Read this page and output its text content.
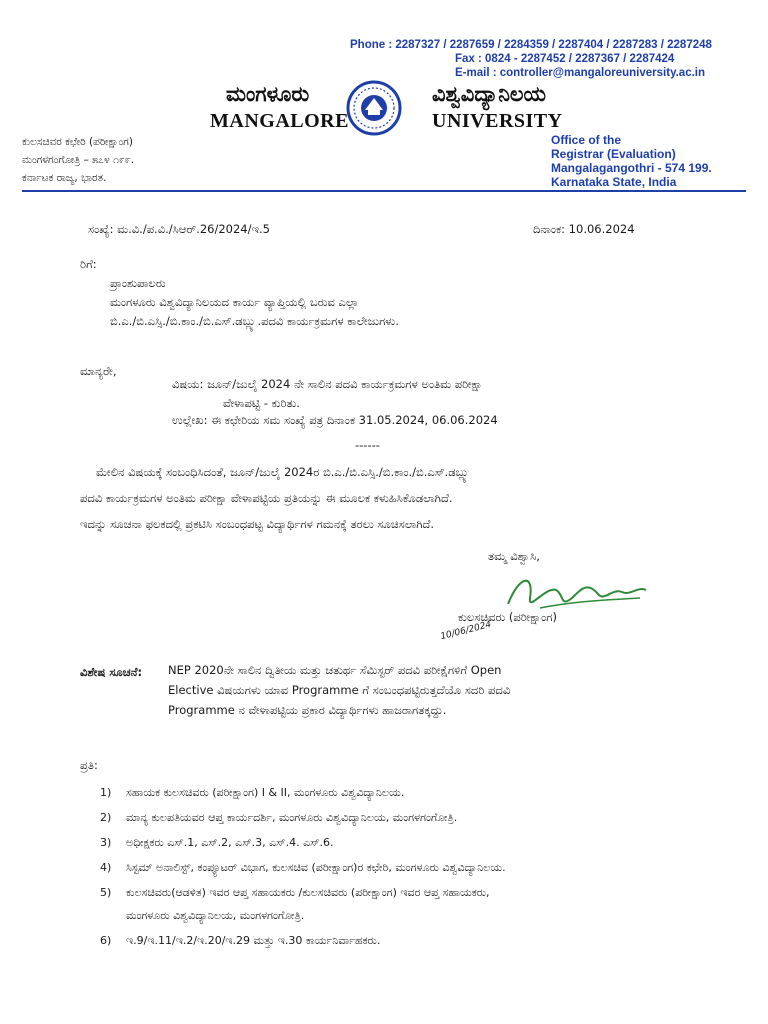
Phone : 2287327 / 2287659 / 2284359 / 2287404 / 2287283 / 2287248
Fax : 0824 - 2287452 / 2287367 / 2287424
E-mail : controller@mangaloreuniversity.ac.in
ಮಂಗಳೂರು	ವಿಶ್ವವಿದ್ಯಾನಿಲಯ
MANGALORE	UNIVERSITY
ಕುಲಸಚಿವರ ಕಛೇರಿ (ಪರೀಕ್ಷಾಂಗ)
ಮಂಗಳಗಂಗೋತ್ರಿ – ೫೭೪ ೧೯೯.
ಕರ್ನಾಟಕ ರಾಜ್ಯ, ಭಾರತ.
Office of the
Registrar (Evaluation)
Mangalagangothri - 574 199.
Karnataka State, India
ಸಂಖ್ಯೆ: ಮ.ವಿ./ಪ.ವಿ./ಸಿಆರ್.26/2024/ಇ.5	ದಿನಾಂಕ: 10.06.2024
ರಿಗೆ:
ಪ್ರಾಂಶುಪಾಲರು
ಮಂಗಳೂರು ವಿಶ್ವವಿದ್ಯಾನಿಲಯದ ಕಾರ್ಯ ವ್ಯಾಪ್ತಿಯಲ್ಲಿ ಬರುವ ಎಲ್ಲಾ
ಬಿ.ಎ./ಬಿ.ಎಸ್ಸಿ./ಬಿ.ಕಾಂ./ಬಿ.ಎಸ್.ಡಬ್ಲ್ಯು.ಪದವಿ ಕಾರ್ಯಕ್ರಮಗಳ ಕಾಲೇಜುಗಳು.
ಮಾನ್ಯರೇ,
ವಿಷಯ: ಜೂನ್/ಜುಲೈ 2024 ನೇ ಸಾಲಿನ ಪದವಿ ಕಾರ್ಯಕ್ರಮಗಳ ಅಂತಿಮ ಪರೀಕ್ಷಾ
ವೇಳಾಪಟ್ಟಿ - ಕುರಿತು.
ಉಲ್ಲೇಖ: ಈ ಕಛೇರಿಯ ಸಮ ಸಂಖ್ಯೆ ಪತ್ರ ದಿನಾಂಕ 31.05.2024, 06.06.2024
------
ಮೇಲಿನ ವಿಷಯಕ್ಕೆ ಸಂಬಂಧಿಸಿದಂತೆ, ಜೂನ್/ಜುಲೈ 2024ರ ಬಿ.ಎ./ಬಿ.ಎಸ್ಸಿ./ಬಿ.ಕಾಂ./ಬಿ.ಎಸ್.ಡಬ್ಲ್ಯು
ಪದವಿ ಕಾರ್ಯಕ್ರಮಗಳ ಅಂತಿಮ ಪರೀಕ್ಷಾ ವೇಳಾಪಟ್ಟಿಯ ಪ್ರತಿಯನ್ನು ಈ ಮೂಲಕ ಕಳುಹಿಸಿಕೊಡಲಾಗಿದೆ.
ಇದನ್ನು ಸೂಚನಾ ಫಲಕದಲ್ಲಿ ಪ್ರಕಟಿಸಿ ಸಂಬಂಧಪಟ್ಟ ವಿದ್ಯಾರ್ಥಿಗಳ ಗಮನಕ್ಕೆ ತರಲು ಸೂಚಿಸಲಾಗಿದೆ.
ತಮ್ಮ ವಿಶ್ವಾಸಿ,
ಕುಲಸಚಿವರು (ಪರೀಕ್ಷಾಂಗ)
10/06/2024
ವಿಶೇಷ ಸೂಚನೆ: NEP 2020ನೇ ಸಾಲಿನ ದ್ವಿತೀಯ ಮತ್ತು ಚತುರ್ಥ ಸೆಮಿಸ್ಟರ್ ಪದವಿ ಪರೀಕ್ಷೆಗಳಿಗೆ Open
Elective ವಿಷಯಗಳು ಯಾವ Programme ಗೆ ಸಂಬಂಧಪಟ್ಟಿರುತ್ತದೆಯೊ ಸದರಿ ಪದವಿ
Programme ನ ವೇಳಾಪಟ್ಟಿಯ ಪ್ರಕಾರ ವಿದ್ಯಾರ್ಥಿಗಳು ಹಾಜರಾಗತಕ್ಕದ್ದು.
ಪ್ರತಿ:
1) ಸಹಾಯಕ ಕುಲಸಚಿವರು (ಪರೀಕ್ಷಾಂಗ) I & II, ಮಂಗಳೂರು ವಿಶ್ವವಿದ್ಯಾನಿಲಯ.
2) ಮಾನ್ಯ ಕುಲಪತಿಯವರ ಆಪ್ತ ಕಾರ್ಯದರ್ಶಿ, ಮಂಗಳೂರು ವಿಶ್ವವಿದ್ಯಾನಿಲಯ, ಮಂಗಳಗಂಗೋತ್ರಿ.
3) ಅಧೀಕ್ಷಕರು ಎಸ್.1, ಎಸ್.2, ಎಸ್.3, ಎಸ್.4. ಎಸ್.6.
4) ಸಿಸ್ಟಮ್ ಅನಾಲಿಸ್ಟ್, ಕಂಪ್ಯೂಟರ್ ವಿಭಾಗ, ಕುಲಸಚಿವ (ಪರೀಕ್ಷಾಂಗ)ರ ಕಛೇರಿ, ಮಂಗಳೂರು ವಿಶ್ವವಿದ್ಯಾನಿಲಯ.
5) ಕುಲಸಚಿವರು(ಆಡಳಿತ) ಇವರ ಆಪ್ತ ಸಹಾಯಕರು /ಕುಲಸಚಿವರು (ಪರೀಕ್ಷಾಂಗ) ಇವರ ಆಪ್ತ ಸಹಾಯಕರು,
ಮಂಗಳೂರು ವಿಶ್ವವಿದ್ಯಾನಿಲಯ, ಮಂಗಳಗಂಗೋತ್ರಿ.
6) ಇ.9/ಇ.11/ಇ.2/ಇ.20/ಇ.29 ಮತ್ತು ಇ.30 ಕಾರ್ಯನಿರ್ವಾಹಕರು.
